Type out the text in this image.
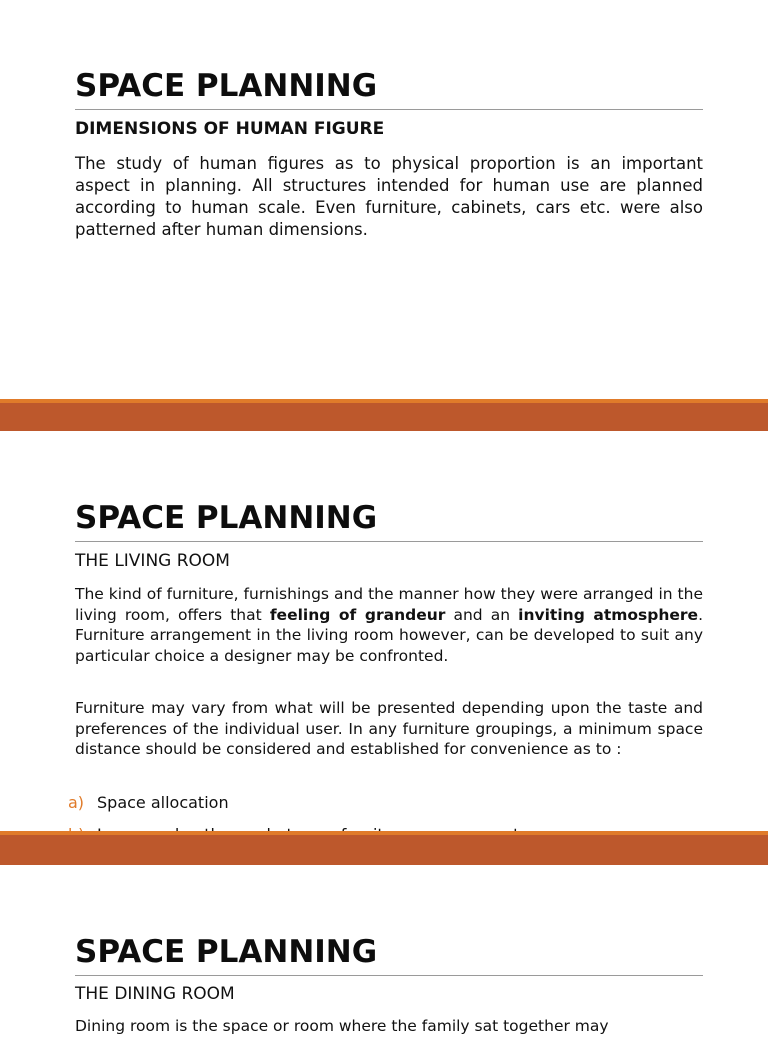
SPACE PLANNING
DIMENSIONS OF HUMAN FIGURE

The study of human figures as to physical proportion is an important aspect in planning. All structures intended for human use are planned according to human scale. Even furniture, cabinets, cars etc. were also patterned after human dimensions.

SPACE PLANNING
THE LIVING ROOM

The kind of furniture, furnishings and the manner how they were arranged in the living room, offers that feeling of grandeur and an inviting atmosphere. Furniture arrangement in the living room however, can be developed to suit any particular choice a designer may be confronted.

Furniture may vary from what will be presented depending upon the taste and preferences of the individual user. In any furniture groupings, a minimum space distance should be considered and established for convenience as to :

a) Space allocation
SPACE PLANNING
THE DINING ROOM

Dining room is the space or room where the family sat together may
